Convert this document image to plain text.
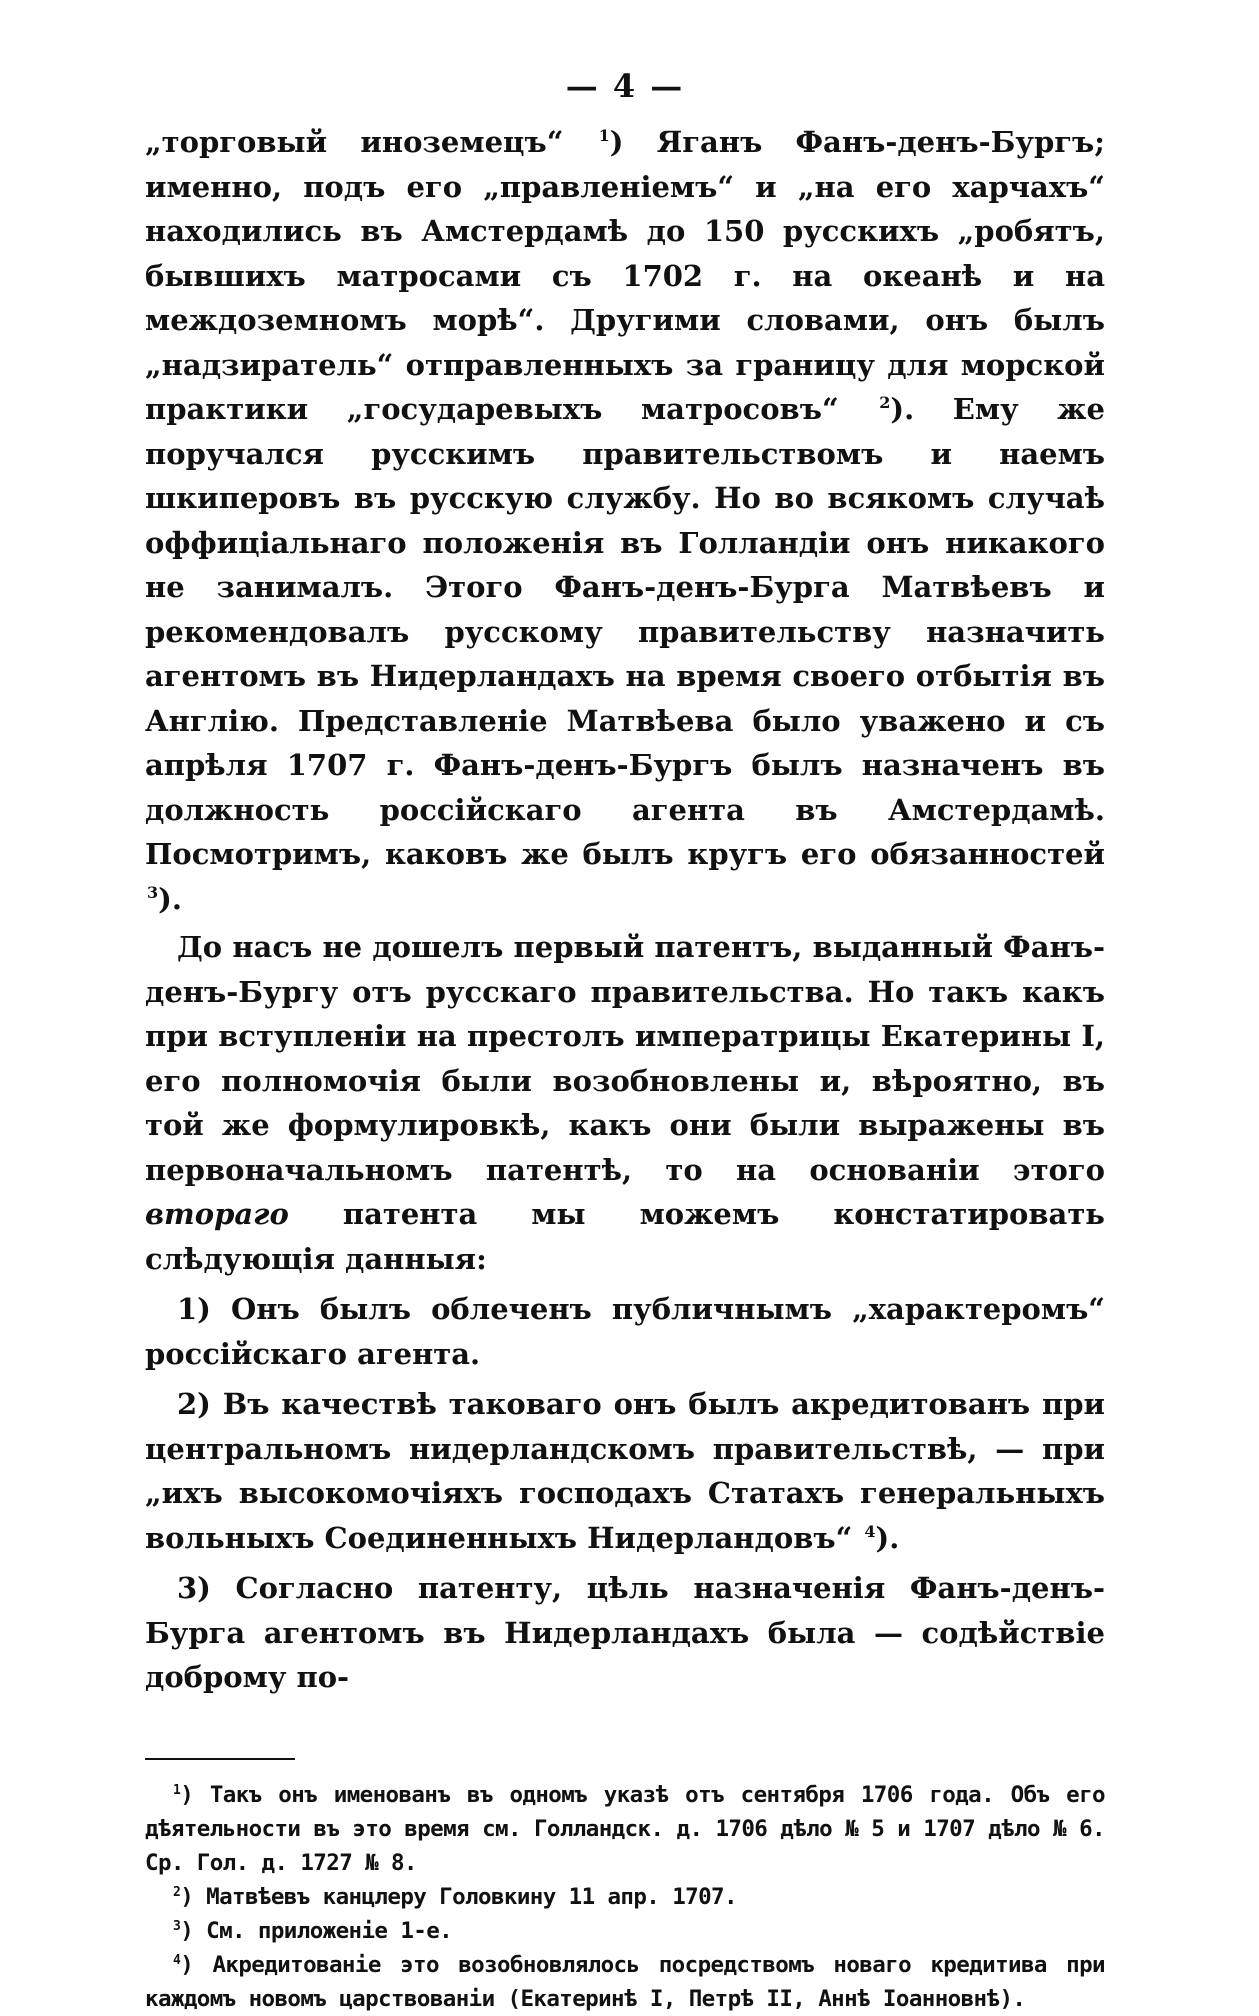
— 4 —

„торговый иноземецъ“ $^1$) Яганъ Фанъ-денъ-Бургъ; именно, подъ его „правленіемъ“ и „на его харчахъ“ находились въ Амстердамѣ до 150 русскихъ „робятъ, бывшихъ матросами съ 1702 г. на океанѣ и на междоземномъ морѣ“. Другими словами, онъ былъ „надзиратель“ отправленныхъ за границу для морской практики „государевыхъ матросовъ“ $^2$). Ему же поручался русскимъ правительствомъ и наемъ шкиперовъ въ русскую службу. Но во всякомъ случаѣ оффиціальнаго положенія въ Голландіи онъ никакого не занималъ. Этого Фанъ-денъ-Бурга Матвѣевъ и рекомендовалъ русскому правительству назначить агентомъ въ Нидерландахъ на время своего отбытія въ Англію. Представленіе Матвѣева было уважено и съ апрѣля 1707 г. Фанъ-денъ-Бургъ былъ назначенъ въ должность россійскаго агента въ Амстердамѣ. Посмотримъ, каковъ же былъ кругъ его обязанностей $^3$).

До насъ не дошелъ первый патентъ, выданный Фанъ-денъ-Бургу отъ русскаго правительства. Но такъ какъ при вступленіи на престолъ императрицы Екатерины I, его полномочія были возобновлены и, вѣроятно, въ той же формулировкѣ, какъ они были выражены въ первоначальномъ патентѣ, то на основаніи этого втораго патента мы можемъ констатировать слѣдующія данныя:

1) Онъ былъ облеченъ публичнымъ „характеромъ“ россійскаго агента.

2) Въ качествѣ таковаго онъ былъ акредитованъ при центральномъ нидерландскомъ правительствѣ, — при „ихъ высокомочіяхъ господахъ Статахъ генеральныхъ вольныхъ Соединенныхъ Нидерландовъ“ $^4$).

3) Согласно патенту, цѣль назначенія Фанъ-денъ-Бурга агентомъ въ Нидерландахъ была — содѣйствіе доброму по-

$^1$) Такъ онъ именованъ въ одномъ указѣ отъ сентября 1706 года. Объ его дѣятельности въ это время см. Голландск. д. 1706 дѣло № 5 и 1707 дѣло № 6. Ср. Гол. д. 1727 № 8.

$^2$) Матвѣевъ канцлеру Головкину 11 апр. 1707.

$^3$) См. приложеніе 1-е.

$^4$) Акредитованіе это возобновлялось посредствомъ новаго кредитива при каждомъ новомъ царствованіи (Екатеринѣ I, Петрѣ II, Аннѣ Іоанновнѣ).
